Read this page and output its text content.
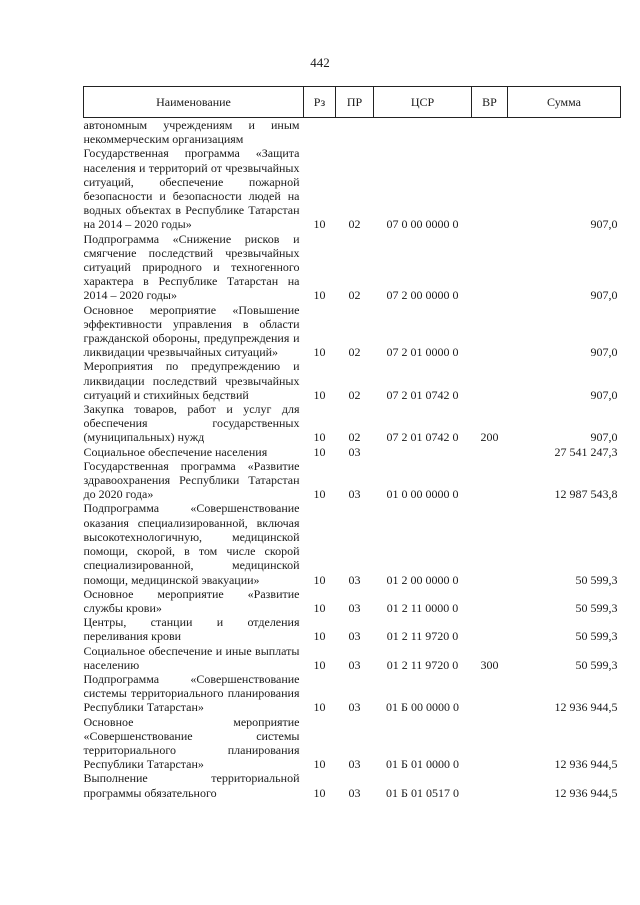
442
Наименование	Рз	ПР	ЦСР	ВР	Сумма
автономным учреждениям и иным некоммерческим организациям					
Государственная программа «Защита населения и территорий от чрезвычайных ситуаций, обеспечение пожарной безопасности и безопасности людей на водных объектах в Республике Татарстан на 2014 – 2020 годы»	10	02	07 0 00 0000 0		907,0
Подпрограмма «Снижение рисков и смягчение последствий чрезвычайных ситуаций природного и техногенного характера в Республике Татарстан на 2014 – 2020 годы»	10	02	07 2 00 0000 0		907,0
Основное мероприятие «Повышение эффективности управления в области гражданской обороны, предупреждения и ликвидации чрезвычайных ситуаций»	10	02	07 2 01 0000 0		907,0
Мероприятия по предупреждению и ликвидации последствий чрезвычайных ситуаций и стихийных бедствий	10	02	07 2 01 0742 0		907,0
Закупка товаров, работ и услуг для обеспечения государственных (муниципальных) нужд	10	02	07 2 01 0742 0	200	907,0
Социальное обеспечение населения	10	03			27 541 247,3
Государственная программа «Развитие здравоохранения Республики Татарстан до 2020 года»	10	03	01 0 00 0000 0		12 987 543,8
Подпрограмма «Совершенствование оказания специализированной, включая высокотехнологичную, медицинской помощи, скорой, в том числе скорой специализированной, медицинской помощи, медицинской эвакуации»	10	03	01 2 00 0000 0		50 599,3
Основное мероприятие «Развитие службы крови»	10	03	01 2 11 0000 0		50 599,3
Центры, станции и отделения переливания крови	10	03	01 2 11 9720 0		50 599,3
Социальное обеспечение и иные выплаты населению	10	03	01 2 11 9720 0	300	50 599,3
Подпрограмма «Совершенствование системы территориального планирования Республики Татарстан»	10	03	01 Б 00 0000 0		12 936 944,5
Основное мероприятие «Совершенствование системы территориального планирования Республики Татарстан»	10	03	01 Б 01 0000 0		12 936 944,5
Выполнение территориальной программы обязательного	10	03	01 Б 01 0517 0		12 936 944,5
